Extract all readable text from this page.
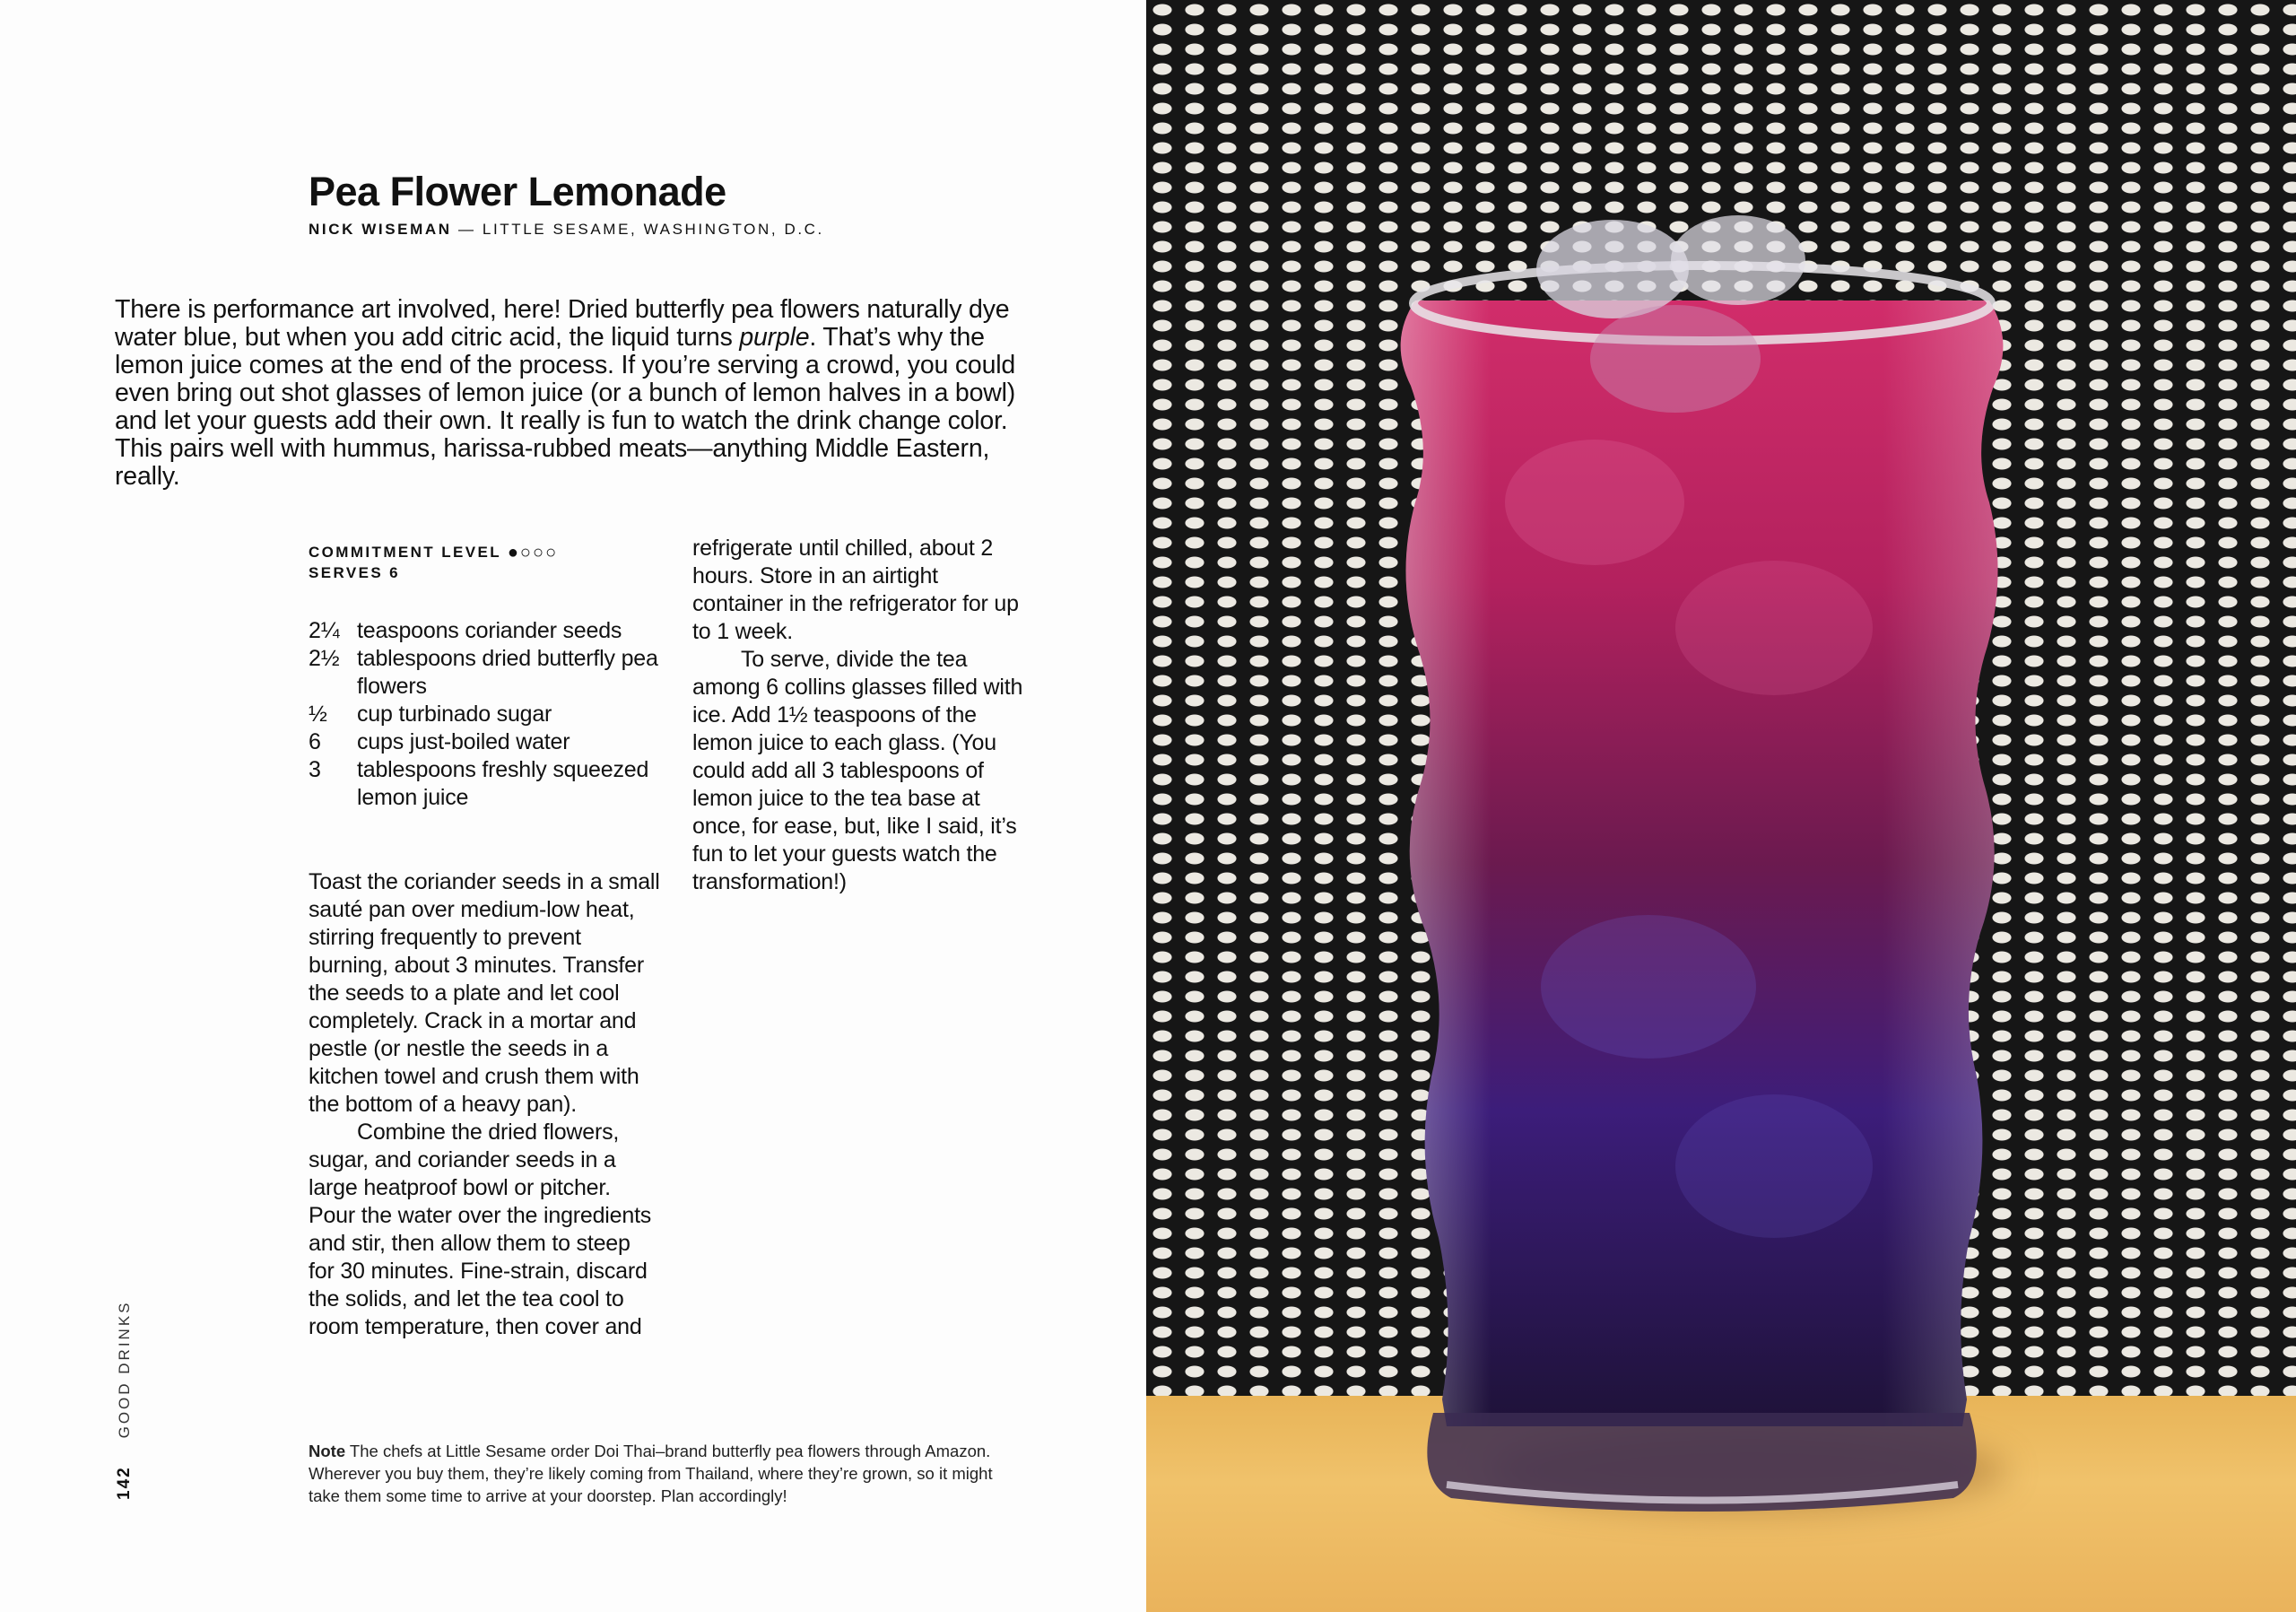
Pea Flower Lemonade
NICK WISEMAN — LITTLE SESAME, WASHINGTON, D.C.

There is performance art involved, here! Dried butterfly pea flowers naturally dye water blue, but when you add citric acid, the liquid turns purple. That’s why the lemon juice comes at the end of the process. If you’re serving a crowd, you could even bring out shot glasses of lemon juice (or a bunch of lemon halves in a bowl) and let your guests add their own. It really is fun to watch the drink change color. This pairs well with hummus, harissa-rubbed meats—anything Middle Eastern, really.

COMMITMENT LEVEL ●○○○
SERVES 6
2¼ teaspoons coriander seeds
2½ tablespoons dried butterfly pea flowers
½	cup turbinado sugar
6	cups just-boiled water
3	tablespoons freshly squeezed lemon juice
Toast the coriander seeds in a small sauté pan over medium-low heat, stirring frequently to prevent burning, about 3 minutes. Transfer the seeds to a plate and let cool completely. Crack in a mortar and pestle (or nestle the seeds in a kitchen towel and crush them with the bottom of a heavy pan).
Combine the dried flowers, sugar, and coriander seeds in a large heatproof bowl or pitcher. Pour the water over the ingredients and stir, then allow them to steep for 30 minutes. Fine-strain, discard the solids, and let the tea cool to room temperature, then cover and
refrigerate until chilled, about 2 hours. Store in an airtight container in the refrigerator for up to 1 week.
To serve, divide the tea among 6 collins glasses filled with ice. Add 1½ teaspoons of the lemon juice to each glass. (You could add all 3 tablespoons of lemon juice to the tea base at once, for ease, but, like I said, it’s fun to let your guests watch the transformation!)

Note The chefs at Little Sesame order Doi Thai–brand butterfly pea flowers through Amazon. Wherever you buy them, they’re likely coming from Thailand, where they’re grown, so it might take them some time to arrive at your doorstep. Plan accordingly!

142    GOOD DRINKS
